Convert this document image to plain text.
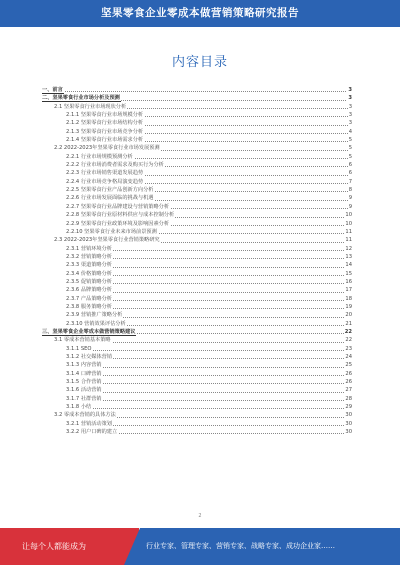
坚果零食企业零成本做营销策略研究报告
内容目录
一、前言	3
二、坚果零食行业市场分析及预测	3
2.1 坚果零食行业市场现状分析	3
2.1.1 坚果零食行业市场规模分析	3
2.1.2 坚果零食行业市场结构分析	3
2.1.3 坚果零食行业市场竞争分析	4
2.1.4 坚果零食行业市场需求分析	5
2.2 2022-2023年坚果零食行业市场发展预测	5
2.2.1 行业市场规模预测分析	5
2.2.2 行业市场消费者需求及购买行为分析	6
2.2.3 行业市场销售渠道发展趋势	6
2.2.4 行业市场竞争格局演变趋势	7
2.2.5 坚果零食行业产品创新方向分析	8
2.2.6 行业市场发展面临的挑战与机遇	9
2.2.7 坚果零食行业品牌建设与营销策略分析	9
2.2.8 坚果零食行业原材料供应与成本控制分析	10
2.2.9 坚果零食行业政策环境及影响因素分析	10
2.2.10 坚果零食行业未来市场前景预测	11
2.3 2022-2023年坚果零食行业营销策略研究	11
2.3.1 营销环境分析	12
2.3.2 营销策略分析	13
2.3.3 渠道策略分析	14
2.3.4 价格策略分析	15
2.3.5 促销策略分析	16
2.3.6 品牌策略分析	17
2.3.7 产品策略分析	18
2.3.8 服务策略分析	19
2.3.9 营销推广策略分析	20
2.3.10 营销效果评估分析	21
三、坚果零食企业零成本做营销策略建议	22
3.1 零成本营销基本策略	22
3.1.1 SEO	23
3.1.2 社交媒体营销	24
3.1.3 内容营销	25
3.1.4 口碑营销	26
3.1.5 合作营销	26
3.1.6 活动营销	27
3.1.7 社群营销	28
3.1.8 小结	29
3.2 零成本营销的具体方法	30
3.2.1 营销活动策划	30
3.2.2 用户口碑的建立	30
2
让每个人都能成为	行业专家、管理专家、营销专家、战略专家、成功企业家……
